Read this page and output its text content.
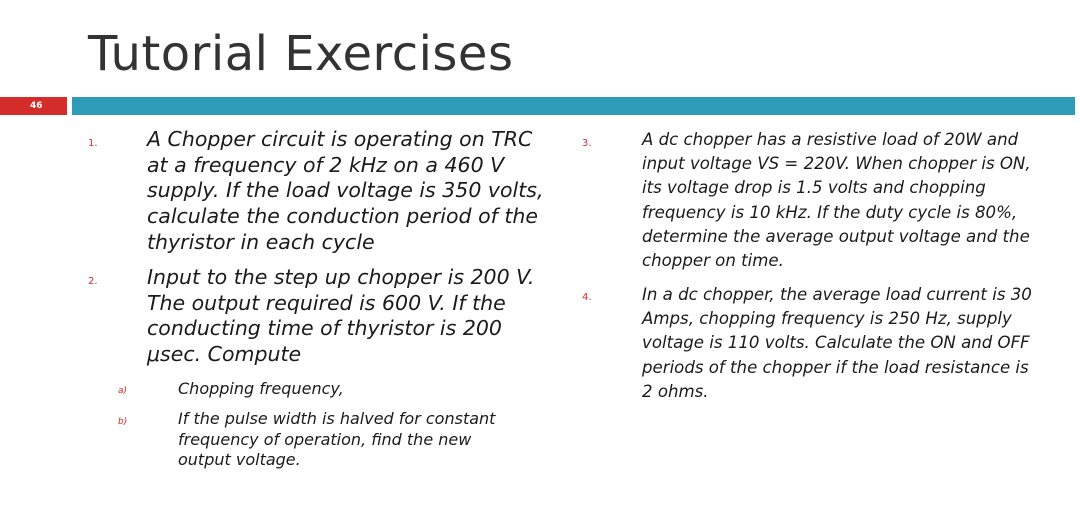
Tutorial Exercises
46
1. A Chopper circuit is operating on TRC at a frequency of 2 kHz on a 460 V supply. If the load voltage is 350 volts, calculate the conduction period of the thyristor in each cycle

2. Input to the step up chopper is 200 V. The output required is 600 V. If the conducting time of thyristor is 200 μsec. Compute

a)	Chopping frequency,

b)	If the pulse width is halved for constant frequency of operation, find the new output voltage.

3.	A dc chopper has a resistive load of 20W and input voltage VS = 220V. When chopper is ON, its voltage drop is 1.5 volts and chopping frequency is 10 kHz. If the duty cycle is 80%, determine the average output voltage and the chopper on time.

4.	In a dc chopper, the average load current is 30 Amps, chopping frequency is 250 Hz, supply voltage is 110 volts. Calculate the ON and OFF periods of the chopper if the load resistance is 2 ohms.
